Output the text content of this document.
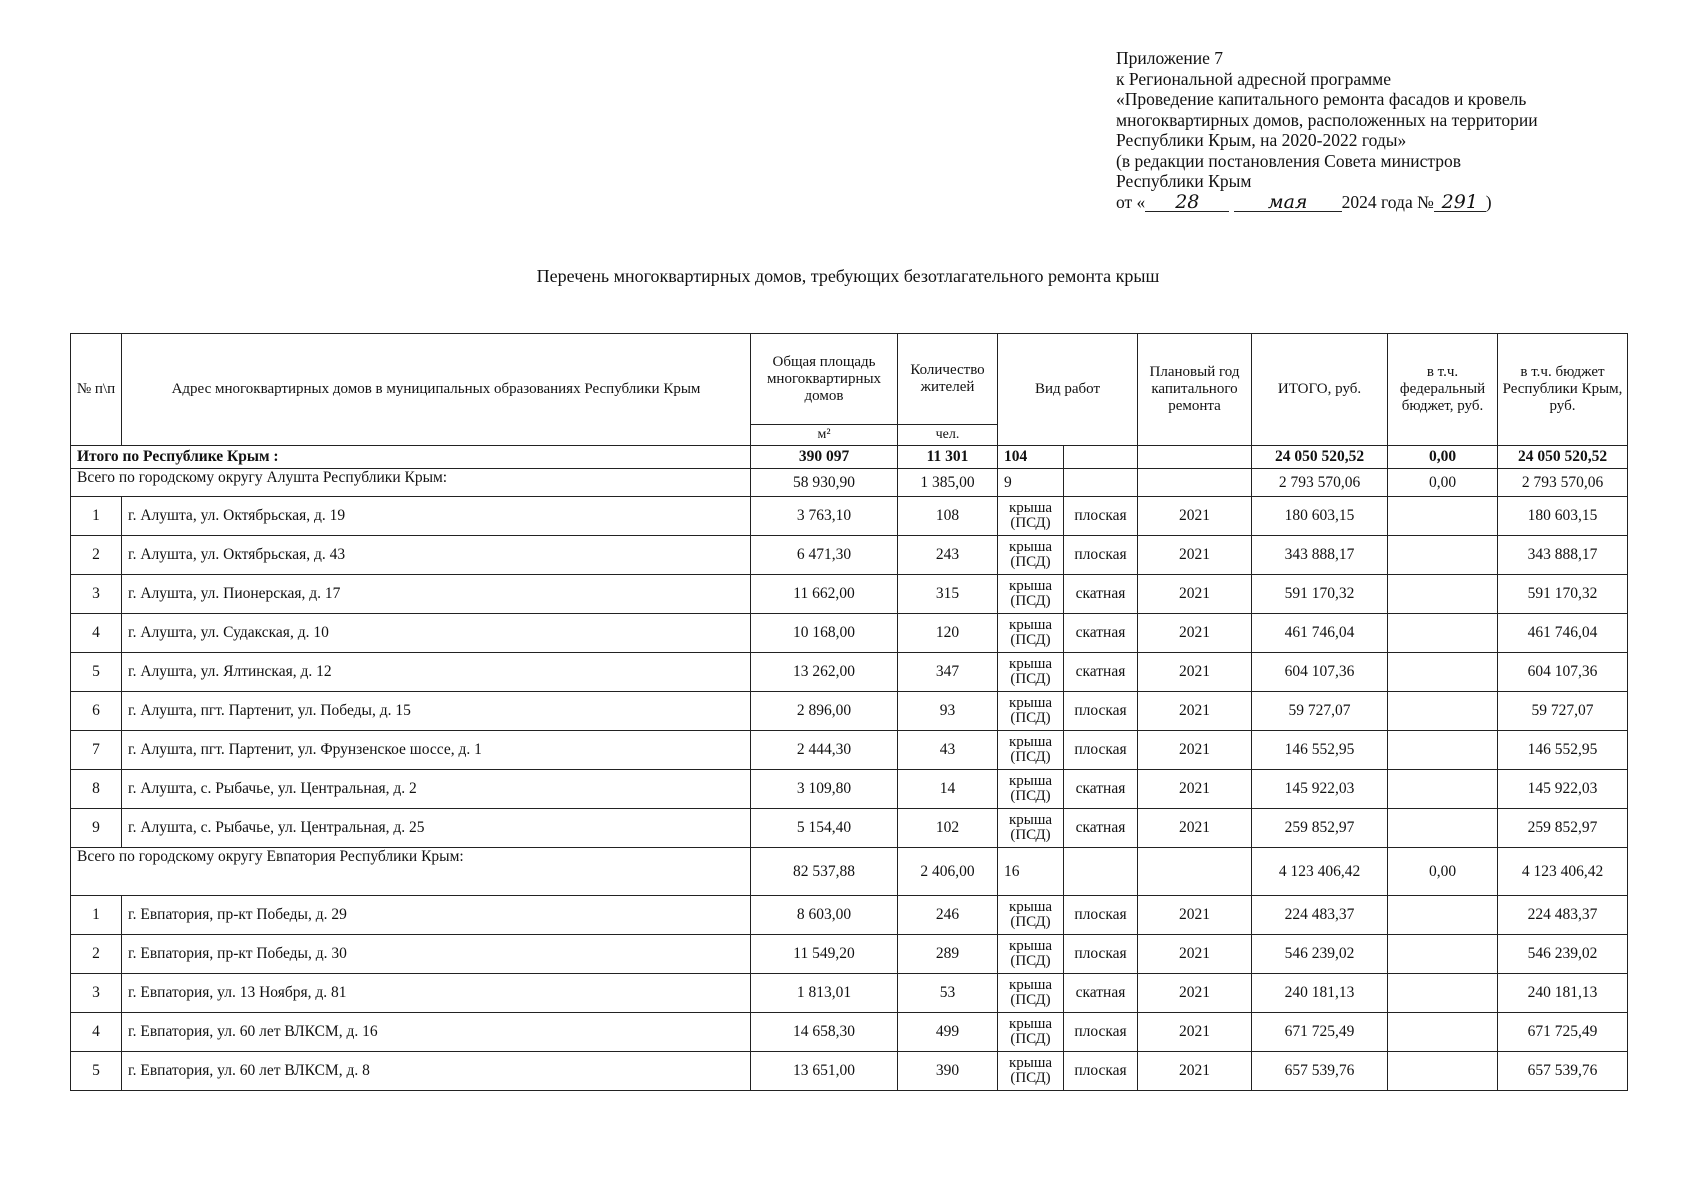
Приложение 7
к Региональной адресной программе
«Проведение капитального ремонта фасадов и кровель
многоквартирных домов, расположенных на территории
Республики Крым, на 2020-2022 годы»
(в редакции постановления Совета министров
Республики Крым
от « 28	мая 2024 года № 291 )
Перечень многоквартирных домов, требующих безотлагательного ремонта крыш
№ п\п	Адрес многоквартирных домов в муниципальных образованиях Республики Крым	Общая площадь многоквартирных домов	Количество жителей	Вид работ		Плановый год капитального ремонта	ИТОГО, руб.	в т.ч. федеральный бюджет, руб.	в т.ч. бюджет Республики Крым, руб.
		м²	чел.						
Итого по Республике Крым :		390 097	11 301	104			24 050 520,52	0,00	24 050 520,52
Всего по городскому округу Алушта Республики Крым:		58 930,90	1 385,00	9			2 793 570,06	0,00	2 793 570,06
1	г. Алушта, ул. Октябрьская, д. 19	3 763,10	108	крыша
(ПСД)	плоская	2021	180 603,15		180 603,15
2	г. Алушта, ул. Октябрьская, д. 43	6 471,30	243	крыша
(ПСД)	плоская	2021	343 888,17		343 888,17
3	г. Алушта, ул. Пионерская, д. 17	11 662,00	315	крыша
(ПСД)	скатная	2021	591 170,32		591 170,32
4	г. Алушта, ул. Судакская, д. 10	10 168,00	120	крыша
(ПСД)	скатная	2021	461 746,04		461 746,04
5	г. Алушта, ул. Ялтинская, д. 12	13 262,00	347	крыша
(ПСД)	скатная	2021	604 107,36		604 107,36
6	г. Алушта, пгт. Партенит, ул. Победы, д. 15	2 896,00	93	крыша
(ПСД)	плоская	2021	59 727,07		59 727,07
7	г. Алушта, пгт. Партенит, ул. Фрунзенское шоссе, д. 1	2 444,30	43	крыша
(ПСД)	плоская	2021	146 552,95		146 552,95
8	г. Алушта, с. Рыбачье, ул. Центральная, д. 2	3 109,80	14	крыша
(ПСД)	скатная	2021	145 922,03		145 922,03
9	г. Алушта, с. Рыбачье, ул. Центральная, д. 25	5 154,40	102	крыша
(ПСД)	скатная	2021	259 852,97		259 852,97
Всего по городскому округу Евпатория Республики Крым:		82 537,88	2 406,00	16			4 123 406,42	0,00	4 123 406,42
1	г. Евпатория, пр-кт Победы, д. 29	8 603,00	246	крыша
(ПСД)	плоская	2021	224 483,37		224 483,37
2	г. Евпатория, пр-кт Победы, д. 30	11 549,20	289	крыша
(ПСД)	плоская	2021	546 239,02		546 239,02
3	г. Евпатория, ул. 13 Ноября, д. 81	1 813,01	53	крыша
(ПСД)	скатная	2021	240 181,13		240 181,13
4	г. Евпатория, ул. 60 лет ВЛКСМ, д. 16	14 658,30	499	крыша
(ПСД)	плоская	2021	671 725,49		671 725,49
5	г. Евпатория, ул. 60 лет ВЛКСМ, д. 8	13 651,00	390	крыша
(ПСД)	плоская	2021	657 539,76		657 539,76
